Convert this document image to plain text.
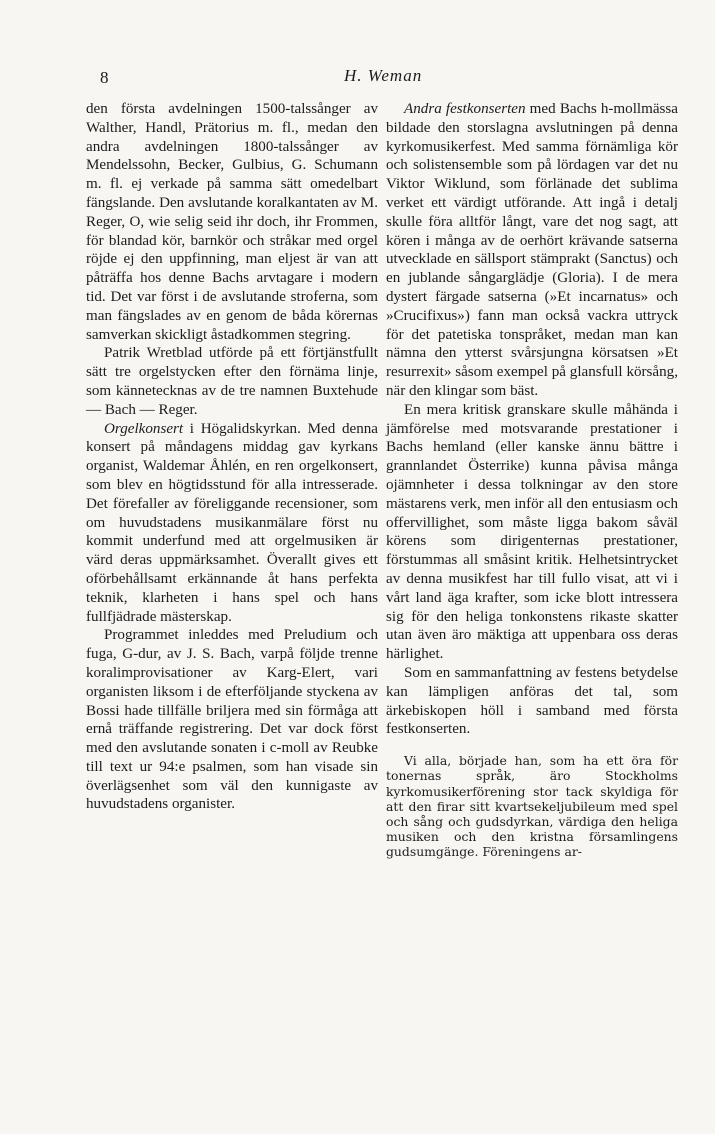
8	H. Weman

den första avdelningen 1500-talssånger av Walther, Handl, Prätorius m. fl., medan den andra avdelningen 1800-talssånger av Mendelssohn, Becker, Gulbius, G. Schumann m. fl. ej verkade på samma sätt omedelbart fängslande. Den avslutande koralkantaten av M. Reger, O, wie selig seid ihr doch, ihr Frommen, för blandad kör, barnkör och stråkar med orgel röjde ej den uppfinning, man eljest är van att påträffa hos denne Bachs arvtagare i modern tid. Det var först i de avslutande stroferna, som man fängslades av en genom de båda körernas samverkan skickligt åstadkommen stegring.

Patrik Wretblad utförde på ett förtjänstfullt sätt tre orgelstycken efter den förnäma linje, som kännetecknas av de tre namnen Buxtehude — Bach — Reger.

Orgelkonsert i Högalidskyrkan. Med denna konsert på måndagens middag gav kyrkans organist, Waldemar Åhlén, en ren orgelkonsert, som blev en högtidsstund för alla intresserade. Det förefaller av föreliggande recensioner, som om huvudstadens musikanmälare först nu kommit underfund med att orgelmusiken är värd deras uppmärksamhet. Överallt gives ett oförbehållsamt erkännande åt hans perfekta teknik, klarheten i hans spel och hans fullfjädrade mästerskap.

Programmet inleddes med Preludium och fuga, G-dur, av J. S. Bach, varpå följde trenne koralimprovisationer av Karg-Elert, vari organisten liksom i de efterföljande styckena av Bossi hade tillfälle briljera med sin förmåga att ernå träffande registrering. Det var dock först med den avslutande sonaten i c-moll av Reubke till text ur 94:e psalmen, som han visade sin överlägsenhet som väl den kunnigaste av huvudstadens organister.

Andra festkonserten med Bachs h-mollmässa bildade den storslagna avslutningen på denna kyrkomusikerfest. Med samma förnämliga kör och solistensemble som på lördagen var det nu Viktor Wiklund, som förlänade det sublima verket ett värdigt utförande. Att ingå i detalj skulle föra alltför långt, vare det nog sagt, att kören i många av de oerhört krävande satserna utvecklade en sällsport stämprakt (Sanctus) och en jublande sångarglädje (Gloria). I de mera dystert färgade satserna (»Et incarnatus» och »Crucifixus») fann man också vackra uttryck för det patetiska tonspråket, medan man kan nämna den ytterst svårsjungna körsatsen »Et resurrexit» såsom exempel på glansfull körsång, när den klingar som bäst.

En mera kritisk granskare skulle måhända i jämförelse med motsvarande prestationer i Bachs hemland (eller kanske ännu bättre i grannlandet Österrike) kunna påvisa många ojämnheter i dessa tolkningar av den store mästarens verk, men inför all den entusiasm och offervillighet, som måste ligga bakom såväl körens som dirigenternas prestationer, förstummas all småsint kritik. Helhetsintrycket av denna musikfest har till fullo visat, att vi i vårt land äga krafter, som icke blott intressera sig för den heliga tonkonstens rikaste skatter utan även äro mäktiga att uppenbara oss deras härlighet.

Som en sammanfattning av festens betydelse kan lämpligen anföras det tal, som ärkebiskopen höll i samband med första festkonserten.

Vi alla, började han, som ha ett öra för tonernas språk, äro Stockholms kyrkomusikerförening stor tack skyldiga för att den firar sitt kvartsekeljubileum med spel och sång och gudsdyrkan, värdiga den heliga musiken och den kristna församlingens gudsumgänge. Föreningens ar-
